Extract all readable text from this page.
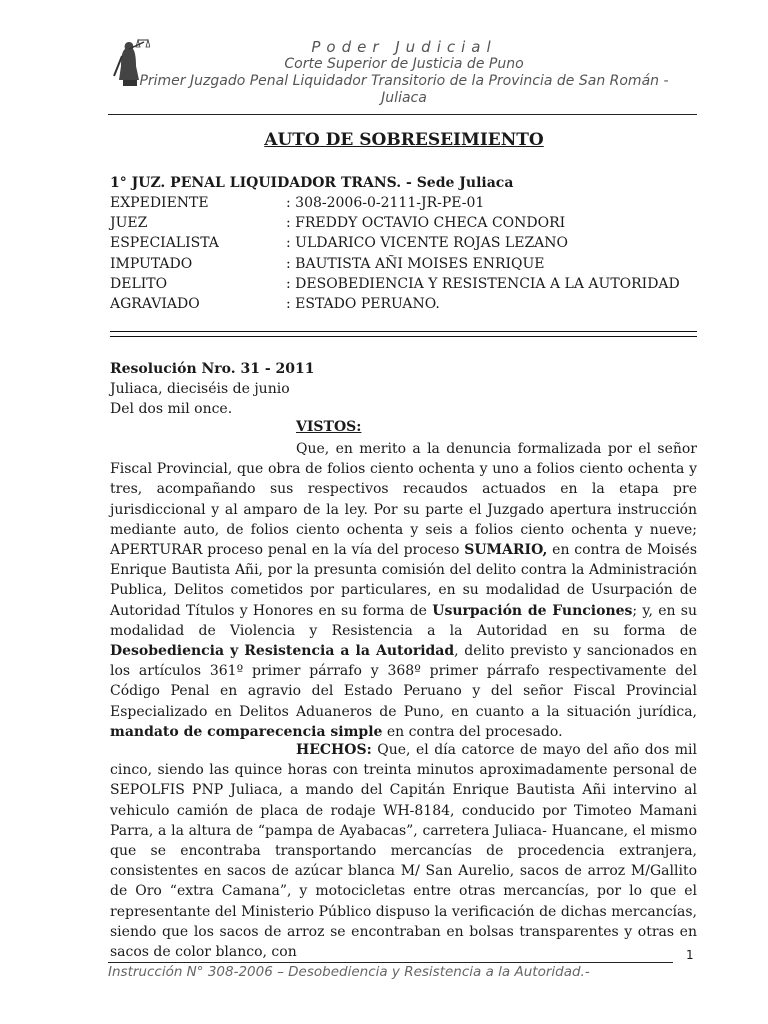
Poder Judicial
Corte Superior de Justicia de Puno
Primer Juzgado Penal Liquidador Transitorio de la Provincia de San Román -
Juliaca
AUTO DE SOBRESEIMIENTO
1° JUZ. PENAL LIQUIDADOR TRANS. - Sede Juliaca
EXPEDIENTE	: 308-2006-0-2111-JR-PE-01
JUEZ	: FREDDY OCTAVIO CHECA CONDORI
ESPECIALISTA	: ULDARICO VICENTE ROJAS LEZANO
IMPUTADO	: BAUTISTA AÑI MOISES ENRIQUE
DELITO	: DESOBEDIENCIA Y RESISTENCIA A LA AUTORIDAD
AGRAVIADO	: ESTADO PERUANO.
Resolución Nro. 31 - 2011
Juliaca, dieciséis de junio
Del dos mil once.
VISTOS:
Que, en merito a la denuncia formalizada por el señor Fiscal Provincial, que obra de folios ciento ochenta y uno a folios ciento ochenta y tres, acompañando sus respectivos recaudos actuados en la etapa pre jurisdiccional y al amparo de la ley. Por su parte el Juzgado apertura instrucción mediante auto, de folios ciento ochenta y seis a folios ciento ochenta y nueve; APERTURAR proceso penal en la vía del proceso SUMARIO, en contra de Moisés Enrique Bautista Añi, por la presunta comisión del delito contra la Administración Publica, Delitos cometidos por particulares, en su modalidad de Usurpación de Autoridad Títulos y Honores en su forma de Usurpación de Funciones; y, en su modalidad de Violencia y Resistencia a la Autoridad en su forma de Desobediencia y Resistencia a la Autoridad, delito previsto y sancionados en los artículos 361º primer párrafo y 368º primer párrafo respectivamente del Código Penal en agravio del Estado Peruano y del señor Fiscal Provincial Especializado en Delitos Aduaneros de Puno, en cuanto a la situación jurídica, mandato de comparecencia simple en contra del procesado.
HECHOS: Que, el día catorce de mayo del año dos mil cinco, siendo las quince horas con treinta minutos aproximadamente personal de SEPOLFIS PNP Juliaca, a mando del Capitán Enrique Bautista Añi intervino al vehiculo camión de placa de rodaje WH-8184, conducido por Timoteo Mamani Parra, a la altura de “pampa de Ayabacas”, carretera Juliaca- Huancane, el mismo que se encontraba transportando mercancías de procedencia extranjera, consistentes en sacos de azúcar blanca M/ San Aurelio, sacos de arroz M/Gallito de Oro “extra Camana”, y motocicletas entre otras mercancías, por lo que el representante del Ministerio Público dispuso la verificación de dichas mercancías, siendo que los sacos de arroz se encontraban en bolsas transparentes y otras en sacos de color blanco, con	1
Instrucción N° 308-2006 – Desobediencia y Resistencia a la Autoridad.-
